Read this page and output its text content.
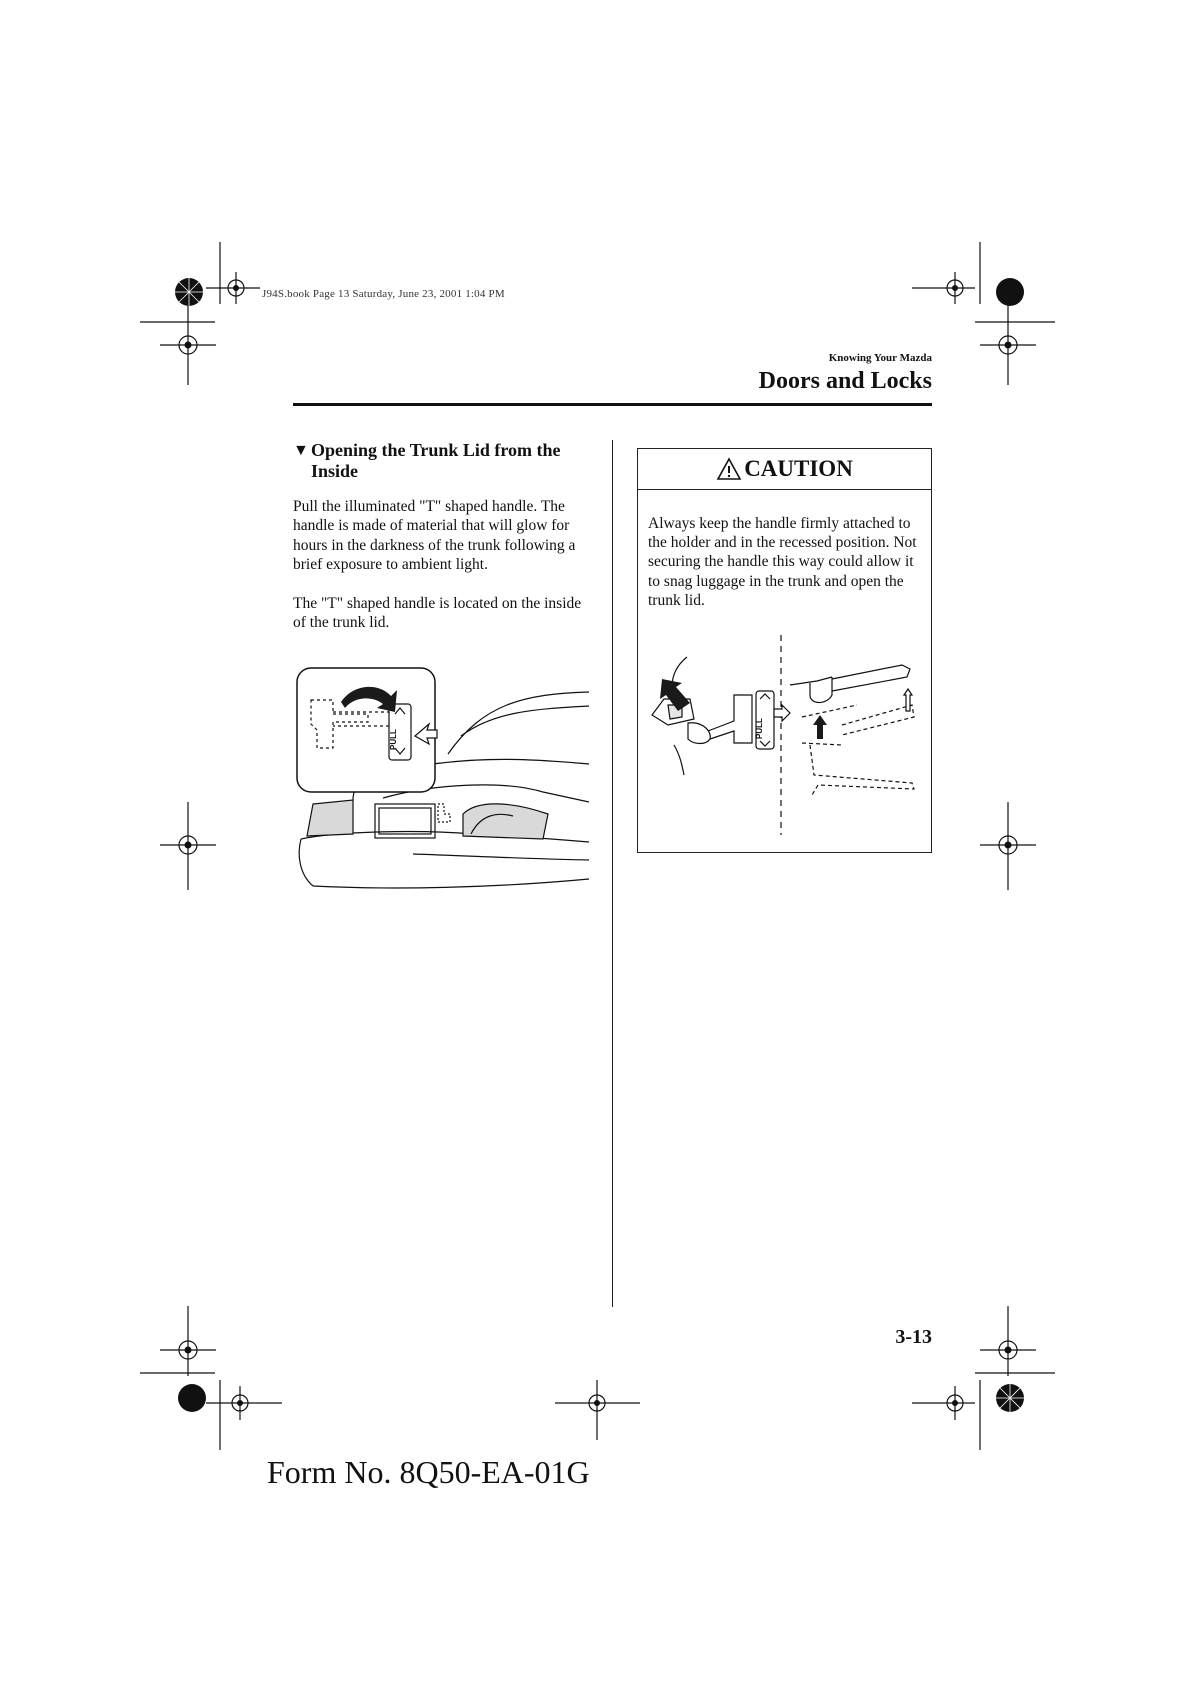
J94S.book Page 13 Saturday, June 23, 2001 1:04 PM
Knowing Your Mazda
Doors and Locks
▼ Opening the Trunk Lid from the
Inside

Pull the illuminated "T" shaped handle. The handle is made of material that will glow for hours in the darkness of the trunk following a brief exposure to ambient light.

The "T" shaped handle is located on the inside of the trunk lid.

PULL
CAUTION

Always keep the handle firmly attached to the holder and in the recessed position. Not securing the handle this way could allow it to snag luggage in the trunk and open the trunk lid.

PULL
3-13
Form No. 8Q50-EA-01G
